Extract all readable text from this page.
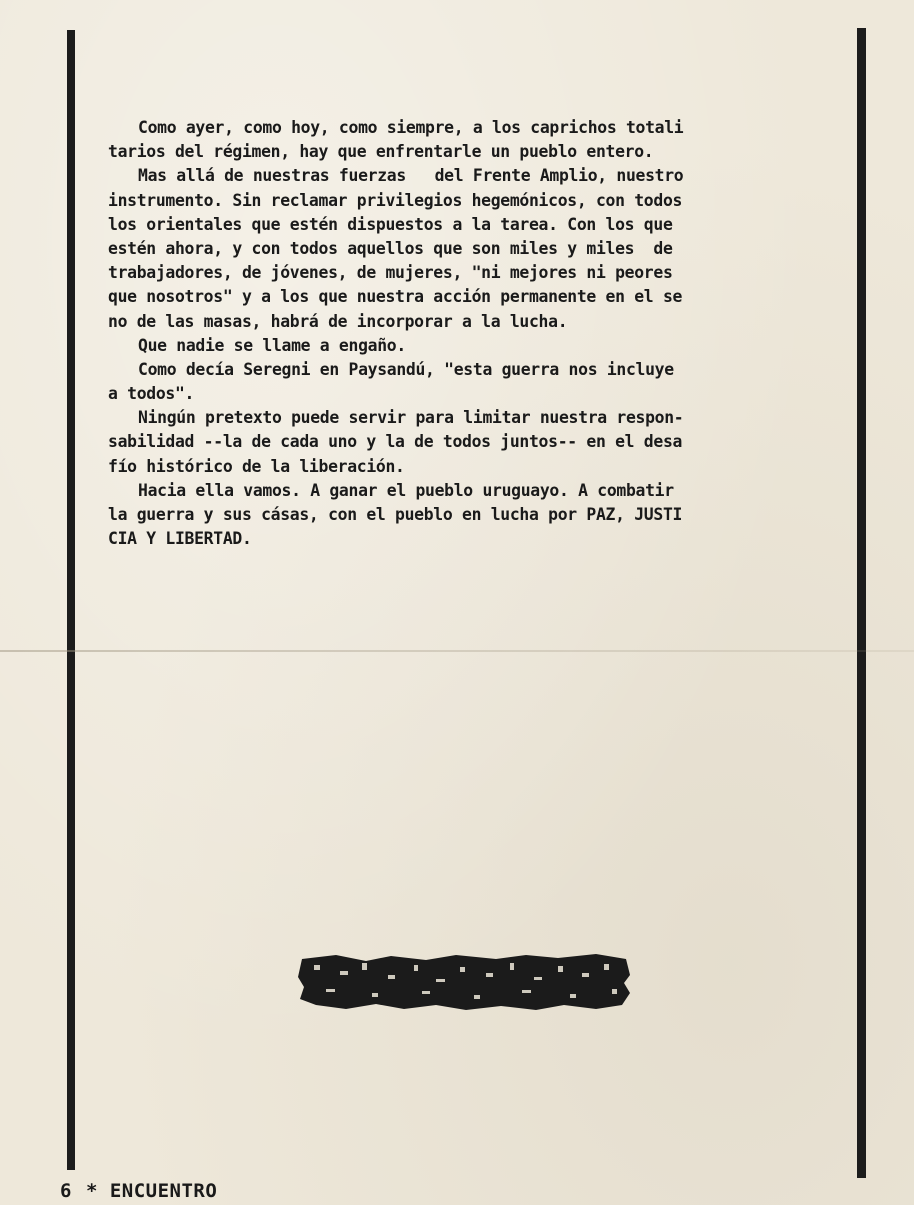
Como ayer, como hoy, como siempre, a los caprichos totali
tarios del régimen, hay que enfrentarle un pueblo entero.
Mas allá de nuestras fuerzas   del Frente Amplio, nuestro
instrumento. Sin reclamar privilegios hegemónicos, con todos
los orientales que estén dispuestos a la tarea. Con los que
estén ahora, y con todos aquellos que son miles y miles  de
trabajadores, de jóvenes, de mujeres, "ni mejores ni peores
que nosotros" y a los que nuestra acción permanente en el se
no de las masas, habrá de incorporar a la lucha.
Que nadie se llame a engaño.
Como decía Seregni en Paysandú, "esta guerra nos incluye
a todos".
Ningún pretexto puede servir para limitar nuestra respon-
sabilidad --la de cada uno y la de todos juntos-- en el desa
fío histórico de la liberación.
Hacia ella vamos. A ganar el pueblo uruguayo. A combatir
la guerra y sus cásas, con el pueblo en lucha por PAZ, JUSTI
CIA Y LIBERTAD.
6 * ENCUENTRO
